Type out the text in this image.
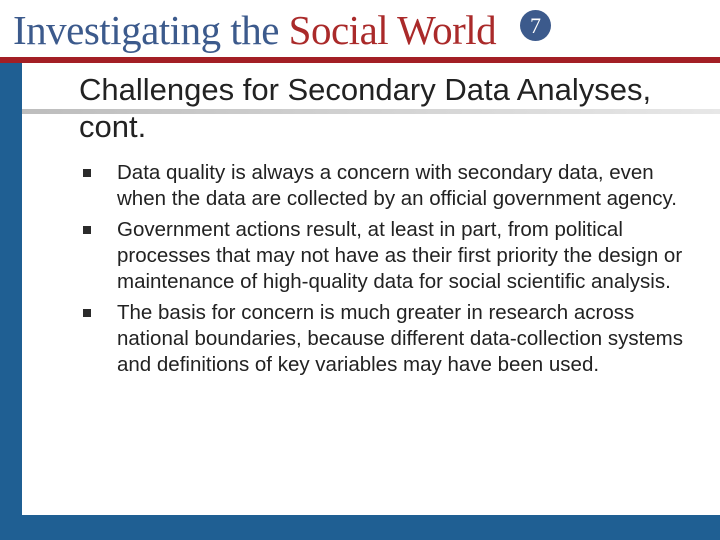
Investigating the Social World	7
Challenges for Secondary Data Analyses, cont.
Data quality is always a concern with secondary data, even when the data are collected by an official government agency.
Government actions result, at least in part, from political processes that may not have as their first priority the design or maintenance of high-quality data for social scientific analysis.
The basis for concern is much greater in research across national boundaries, because different data-collection systems and definitions of key variables may have been used.
